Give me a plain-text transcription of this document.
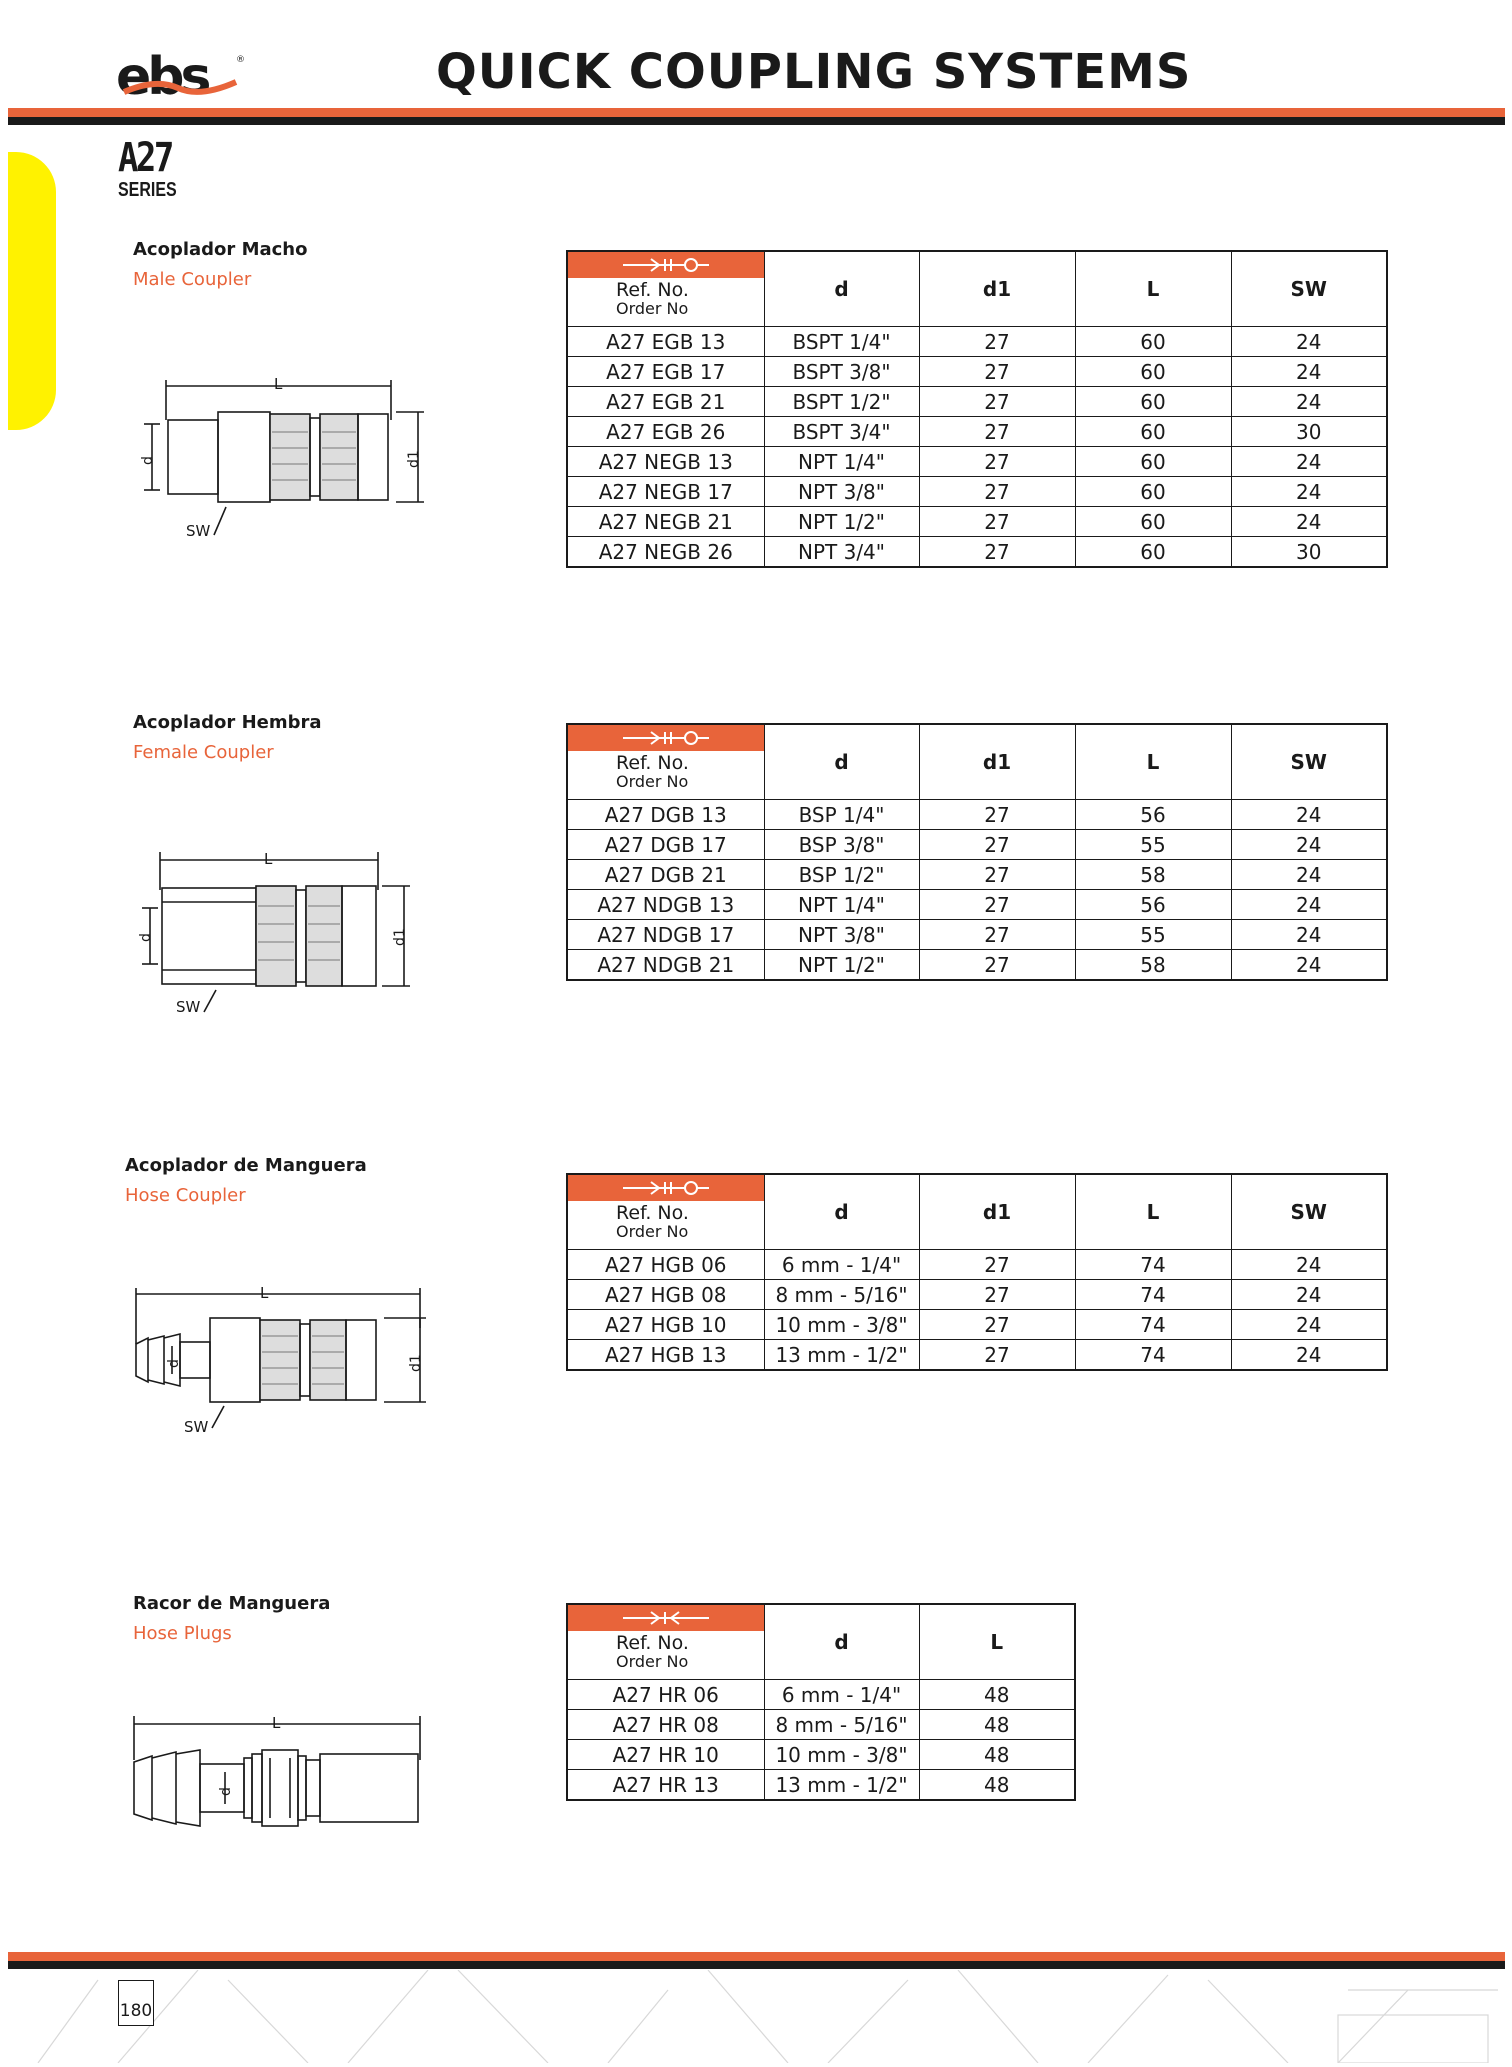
ebs	®	QUICK COUPLING SYSTEMS
A27
SERIES
Acoplador Macho
Male Coupler
L
d	d1
SW
Ref. No.
Order No	d	d1	L	SW
A27 EGB 13	BSPT 1/4"	27	60	24
A27 EGB 17	BSPT 3/8"	27	60	24
A27 EGB 21	BSPT 1/2"	27	60	24
A27 EGB 26	BSPT 3/4"	27	60	30
A27 NEGB 13	NPT 1/4"	27	60	24
A27 NEGB 17	NPT 3/8"	27	60	24
A27 NEGB 21	NPT 1/2"	27	60	24
A27 NEGB 26	NPT 3/4"	27	60	30
Acoplador Hembra
Female Coupler
L
d	d1
SW
Ref. No.
Order No	d	d1	L	SW
A27 DGB 13	BSP 1/4"	27	56	24
A27 DGB 17	BSP 3/8"	27	55	24
A27 DGB 21	BSP 1/2"	27	58	24
A27 NDGB 13	NPT 1/4"	27	56	24
A27 NDGB 17	NPT 3/8"	27	55	24
A27 NDGB 21	NPT 1/2"	27	58	24
Acoplador de Manguera
Hose Coupler
L
d	d1
SW
Ref. No.
Order No	d	d1	L	SW
A27 HGB 06	6 mm - 1/4"	27	74	24
A27 HGB 08	8 mm - 5/16"	27	74	24
A27 HGB 10	10 mm - 3/8"	27	74	24
A27 HGB 13	13 mm - 1/2"	27	74	24
Racor de Manguera
Hose Plugs
L
d
Ref. No.
Order No	d	L
A27 HR 06	6 mm - 1/4"	48
A27 HR 08	8 mm - 5/16"	48
A27 HR 10	10 mm - 3/8"	48
A27 HR 13	13 mm - 1/2"	48
180
